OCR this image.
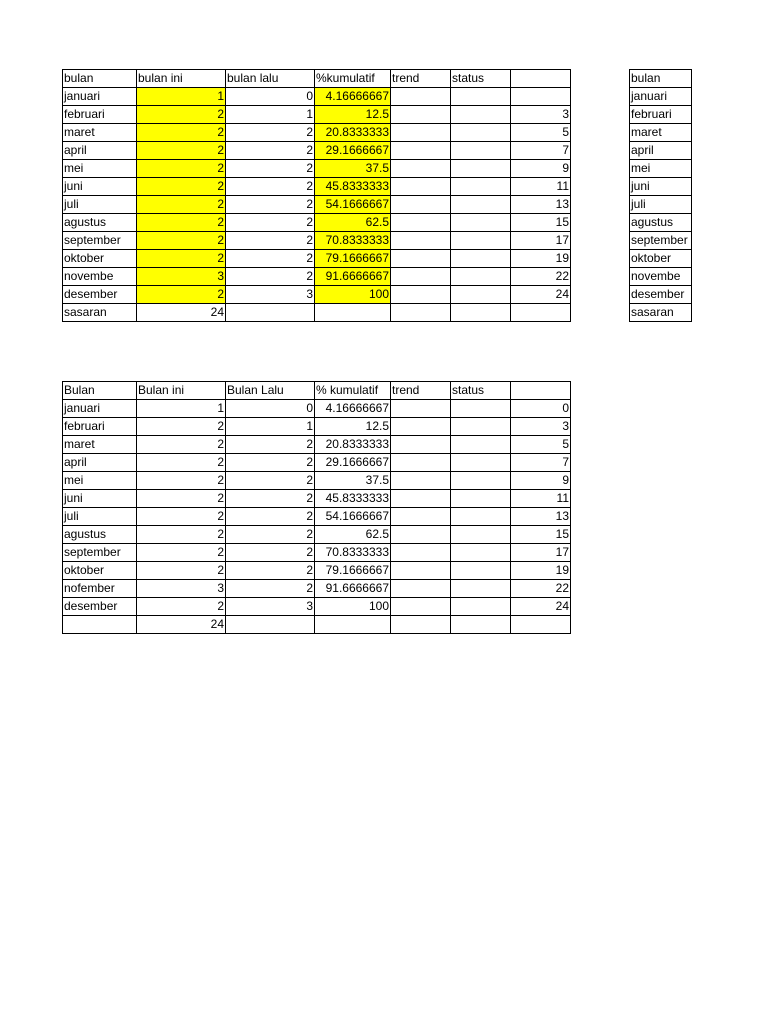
bulan	bulan ini	bulan lalu	%kumulatif	trend	status	
januari	1	0	4.16666667			
februari	2	1	12.5			3
maret	2	2	20.8333333			5
april	2	2	29.1666667			7
mei	2	2	37.5			9
juni	2	2	45.8333333			11
juli	2	2	54.1666667			13
agustus	2	2	62.5			15
september	2	2	70.8333333			17
oktober	2	2	79.1666667			19
novembe	3	2	91.6666667			22
desember	2	3	100			24
sasaran	24					
Bulan	Bulan ini	Bulan Lalu	% kumulatif	trend	status	
januari	1	0	4.16666667			0
februari	2	1	12.5			3
maret	2	2	20.8333333			5
april	2	2	29.1666667			7
mei	2	2	37.5			9
juni	2	2	45.8333333			11
juli	2	2	54.1666667			13
agustus	2	2	62.5			15
september	2	2	70.8333333			17
oktober	2	2	79.1666667			19
nofember	3	2	91.6666667			22
desember	2	3	100			24
	24					
bulan
januari
februari
maret
april
mei
juni
juli
agustus
september
oktober
novembe
desember
sasaran
